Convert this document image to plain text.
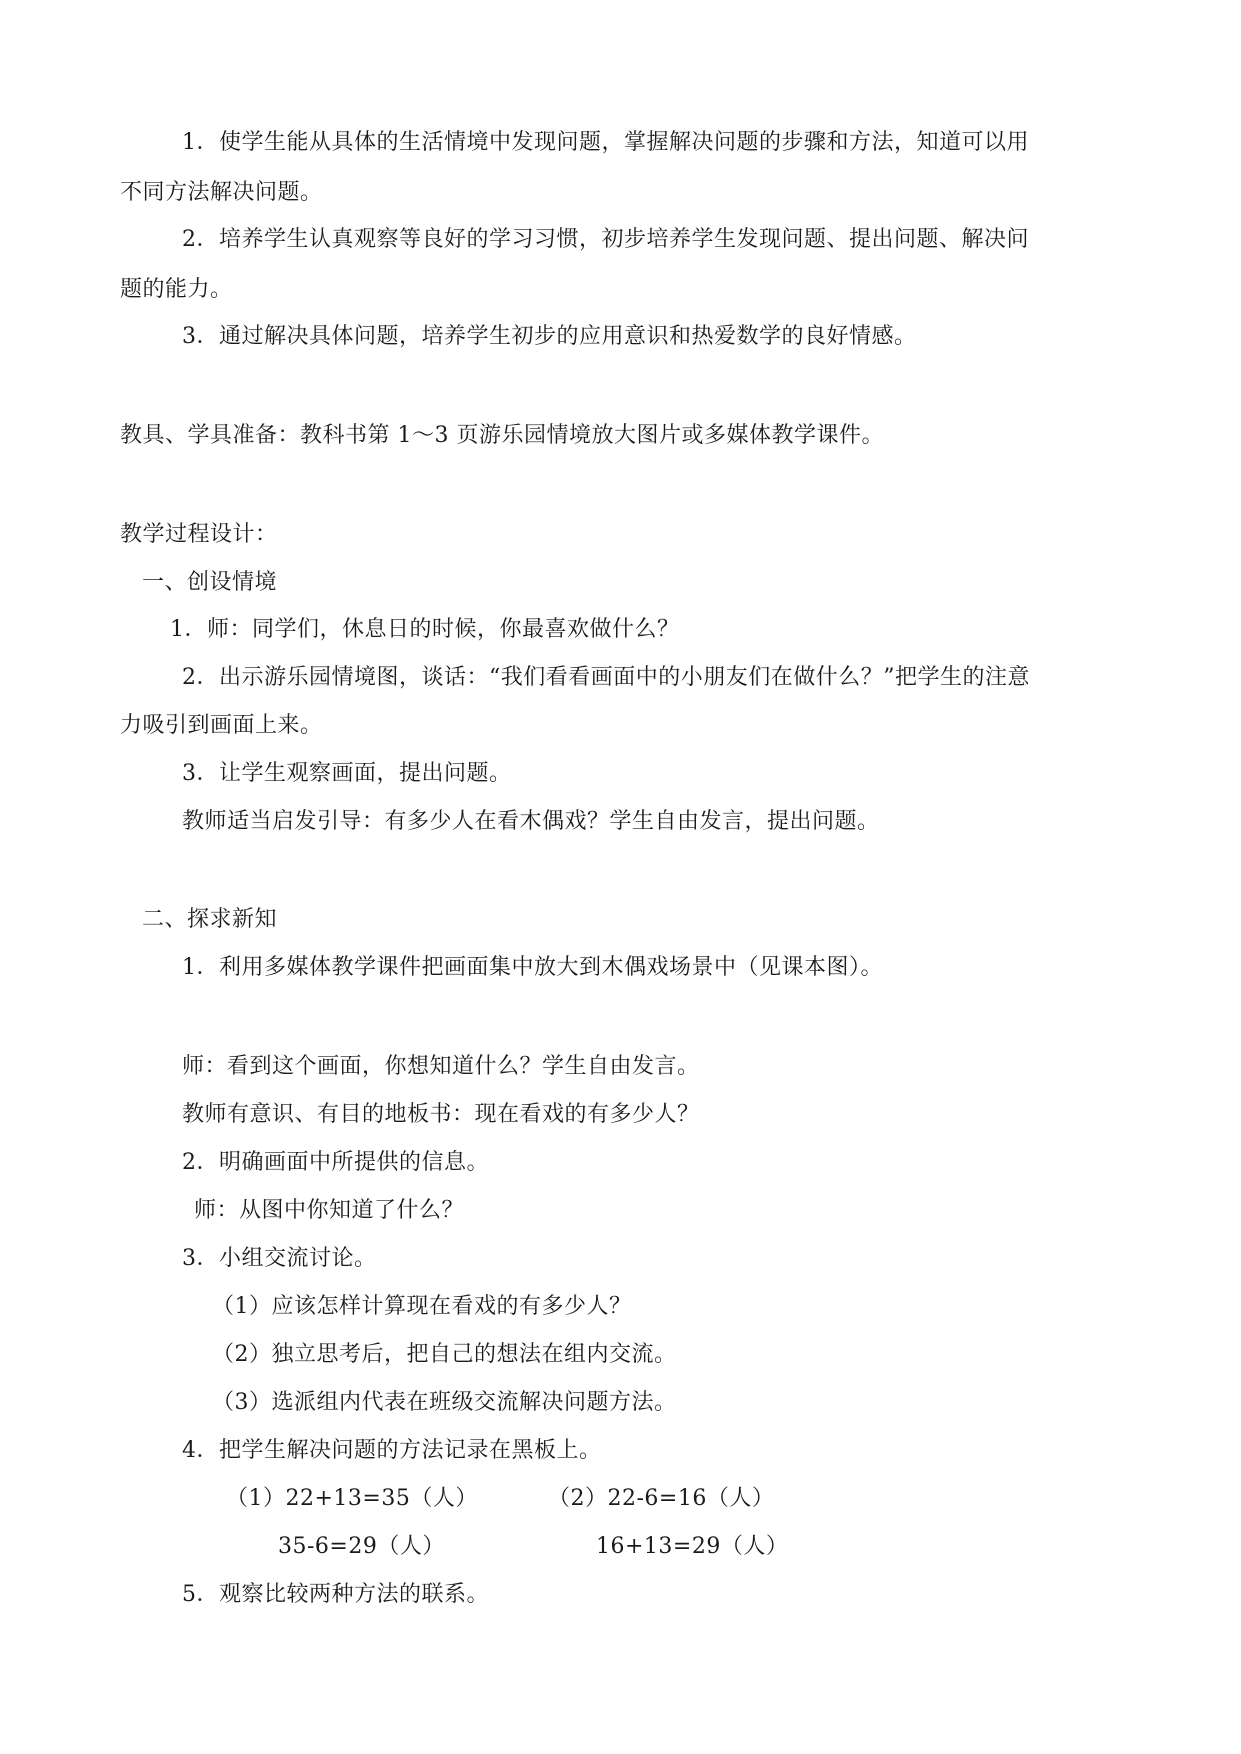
1．使学生能从具体的生活情境中发现问题，掌握解决问题的步骤和方法，知道可以用
不同方法解决问题。
2．培养学生认真观察等良好的学习习惯，初步培养学生发现问题、提出问题、解决问
题的能力。
3．通过解决具体问题，培养学生初步的应用意识和热爱数学的良好情感。
教具、学具准备：教科书第 1～3 页游乐园情境放大图片或多媒体教学课件。
教学过程设计：
一、创设情境
1．师：同学们，休息日的时候，你最喜欢做什么？
2．出示游乐园情境图，谈话：“我们看看画面中的小朋友们在做什么？”把学生的注意
力吸引到画面上来。
3．让学生观察画面，提出问题。
教师适当启发引导：有多少人在看木偶戏？学生自由发言，提出问题。
二、探求新知
1．利用多媒体教学课件把画面集中放大到木偶戏场景中（见课本图）。
师：看到这个画面，你想知道什么？学生自由发言。
教师有意识、有目的地板书：现在看戏的有多少人？
2．明确画面中所提供的信息。
师：从图中你知道了什么？
3．小组交流讨论。
（1）应该怎样计算现在看戏的有多少人？
（2）独立思考后，把自己的想法在组内交流。
（3）选派组内代表在班级交流解决问题方法。
4．把学生解决问题的方法记录在黑板上。
（1）22+13=35（人）	（2）22-6=16（人）
35-6=29（人）	16+13=29（人）
5．观察比较两种方法的联系。
